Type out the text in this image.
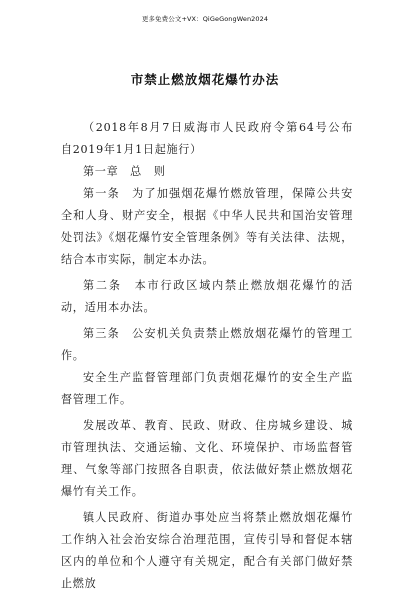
更多免费公文+VX：QiGeGongWen2024
市禁止燃放烟花爆竹办法

（2018年8月7日威海市人民政府令第64号公布　自2019年1月1日起施行）

第一章　总　则

第一条　为了加强烟花爆竹燃放管理，保障公共安全和人身、财产安全，根据《中华人民共和国治安管理处罚法》《烟花爆竹安全管理条例》等有关法律、法规，结合本市实际，制定本办法。

第二条　本市行政区域内禁止燃放烟花爆竹的活动，适用本办法。

第三条　公安机关负责禁止燃放烟花爆竹的管理工作。

安全生产监督管理部门负责烟花爆竹的安全生产监督管理工作。

发展改革、教育、民政、财政、住房城乡建设、城市管理执法、交通运输、文化、环境保护、市场监督管理、气象等部门按照各自职责，依法做好禁止燃放烟花爆竹有关工作。

镇人民政府、街道办事处应当将禁止燃放烟花爆竹工作纳入社会治安综合治理范围，宣传引导和督促本辖区内的单位和个人遵守有关规定，配合有关部门做好禁止燃放
